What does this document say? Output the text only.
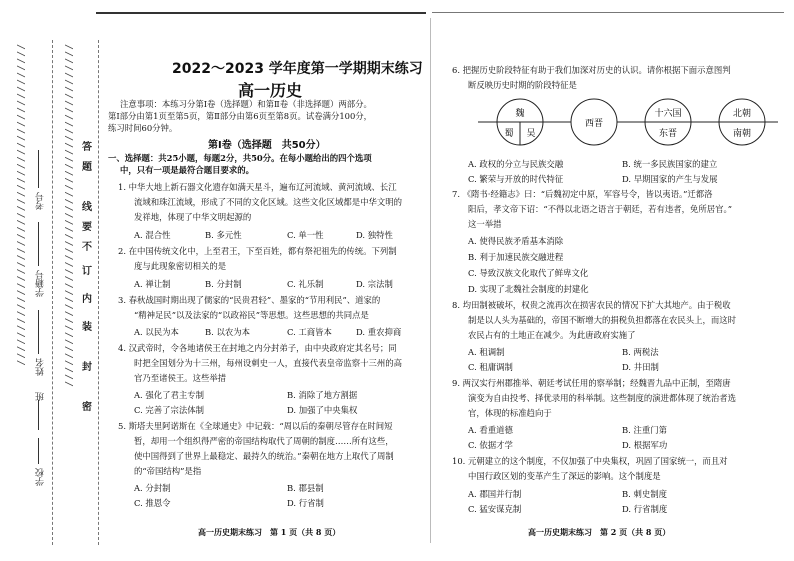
//////////////////////////////////////////////	/////////////////////////////////////////////////
考号
学籍号
姓名
班
学校
答
题
线
要
不
订
内
装
封
密
2022～2023 学年度第一学期期末练习
高一历史
注意事项：本练习分第Ⅰ卷（选择题）和第Ⅱ卷（非选择题）两部分。
第Ⅰ部分由第1页至第5页，第Ⅱ部分由第6页至第8页。试卷满分100分，
练习时间60分钟。
第Ⅰ卷（选择题　共50分）
一、选择题：共25小题，每题2分，共50分。在每小题给出的四个选项
中，只有一项是最符合题目要求的。
1. 中华大地上新石器文化遗存如满天星斗，遍布辽河流域、黄河流域、长江
流域和珠江流域，形成了不同的文化区域。这些文化区域都是中华文明的
发祥地，体现了中华文明起源的
A. 混合性	B. 多元性	C. 单一性	D. 独特性
2. 在中国传统文化中，上至君王，下至百姓，都有祭祀祖先的传统。下列制
度与此现象密切相关的是
A. 禅让制	B. 分封制	C. 礼乐制	D. 宗法制
3. 春秋战国时期出现了儒家的“民贵君轻”、墨家的“节用利民”、道家的
“精神足民”以及法家的“以政裕民”等思想。这些思想的共同点是
A. 以民为本	B. 以农为本	C. 工商皆本	D. 重农抑商
4. 汉武帝时，令各地诸侯王在封地之内分封弟子，由中央政府定其名号；同
时把全国划分为十三州，每州设刺史一人，直接代表皇帝监察十三州的高
官乃至诸侯王。这些举措
A. 强化了君主专制	B. 消除了地方割据
C. 完善了宗法体制	D. 加强了中央集权
5. 斯塔夫里阿诺斯在《全球通史》中记载：“周以后的秦朝尽管存在时间短
暂，却用一个组织得严密的帝国结构取代了周朝的制度……所有这些，
使中国得到了世界上最稳定、最持久的统治。”秦朝在地方上取代了周制
的“帝国结构”是指
A. 分封制	B. 郡县制
C. 推恩令	D. 行省制
高一历史期末练习　第 1 页（共 8 页）
6. 把握历史阶段特征有助于我们加深对历史的认识。请你根据下面示意图判
断反映历史时期的阶段特征是
魏
蜀 吴
西晋
十六国
东晋
北朝
南朝
A. 政权的分立与民族交融	B. 统一多民族国家的建立
C. 繁荣与开放的时代特征	D. 早期国家的产生与发展
7. 《隋书·经籍志》曰：“后魏初定中原，军容号令，皆以夷语。”迁都洛
阳后，孝文帝下诏：“不得以北语之语言于朝廷，若有违者，免所居官。”
这一举措
A. 使得民族矛盾基本消除
B. 利于加速民族交融进程
C. 导致汉族文化取代了鲜卑文化
D. 实现了北魏社会制度的封建化
8. 均田制被破坏，权贵之流再次在损害农民的情况下扩大其地产。由于税收
制是以人头为基础的，帝国不断增大的捐税负担都落在农民头上，而这时
农民占有的土地正在减少。为此唐政府实施了
A. 租调制	B. 两税法
C. 租庸调制	D. 井田制
9. 两汉实行州郡推举、朝廷考试任用的察举制；经魏晋九品中正制，至隋唐
演变为自由投考、择优录用的科举制。这些制度的演进都体现了统治者选
官，体现的标准趋向于
A. 看重道德	B. 注重门第
C. 依据才学	D. 根据军功
10. 元朝建立的这个制度，不仅加强了中央集权，巩固了国家统一，而且对
中国行政区划的变革产生了深远的影响。这个制度是
A. 郡国并行制	B. 刺史制度
C. 猛安谋克制	D. 行省制度
高一历史期末练习　第 2 页（共 8 页）
